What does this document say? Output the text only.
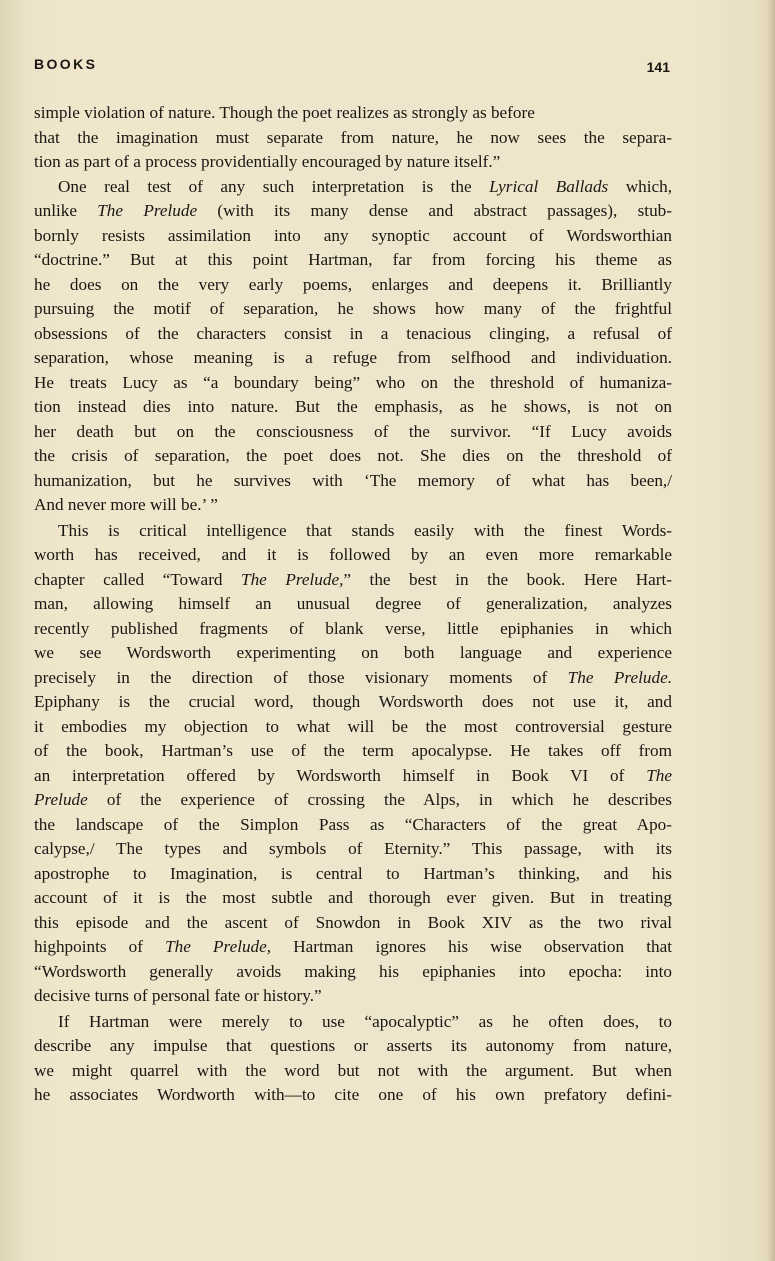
BOOKS	141
simple violation of nature. Though the poet realizes as strongly as before
that the imagination must separate from nature, he now sees the separa-
tion as part of a process providentially encouraged by nature itself.”
One real test of any such interpretation is the Lyrical Ballads which,
unlike The Prelude (with its many dense and abstract passages), stub-
bornly resists assimilation into any synoptic account of Wordsworthian
“doctrine.” But at this point Hartman, far from forcing his theme as
he does on the very early poems, enlarges and deepens it. Brilliantly
pursuing the motif of separation, he shows how many of the frightful
obsessions of the characters consist in a tenacious clinging, a refusal of
separation, whose meaning is a refuge from selfhood and individuation.
He treats Lucy as “a boundary being” who on the threshold of humaniza-
tion instead dies into nature. But the emphasis, as he shows, is not on
her death but on the consciousness of the survivor. “If Lucy avoids
the crisis of separation, the poet does not. She dies on the threshold of
humanization, but he survives with ‘The memory of what has been,/
And never more will be.’ ”
This is critical intelligence that stands easily with the finest Words-
worth has received, and it is followed by an even more remarkable
chapter called “Toward The Prelude,” the best in the book. Here Hart-
man, allowing himself an unusual degree of generalization, analyzes
recently published fragments of blank verse, little epiphanies in which
we see Wordsworth experimenting on both language and experience
precisely in the direction of those visionary moments of The Prelude.
Epiphany is the crucial word, though Wordsworth does not use it, and
it embodies my objection to what will be the most controversial gesture
of the book, Hartman’s use of the term apocalypse. He takes off from
an interpretation offered by Wordsworth himself in Book VI of The
Prelude of the experience of crossing the Alps, in which he describes
the landscape of the Simplon Pass as “Characters of the great Apo-
calypse,/ The types and symbols of Eternity.” This passage, with its
apostrophe to Imagination, is central to Hartman’s thinking, and his
account of it is the most subtle and thorough ever given. But in treating
this episode and the ascent of Snowdon in Book XIV as the two rival
highpoints of The Prelude, Hartman ignores his wise observation that
“Wordsworth generally avoids making his epiphanies into epocha: into
decisive turns of personal fate or history.”
If Hartman were merely to use “apocalyptic” as he often does, to
describe any impulse that questions or asserts its autonomy from nature,
we might quarrel with the word but not with the argument. But when
he associates Wordworth with—to cite one of his own prefatory defini-
